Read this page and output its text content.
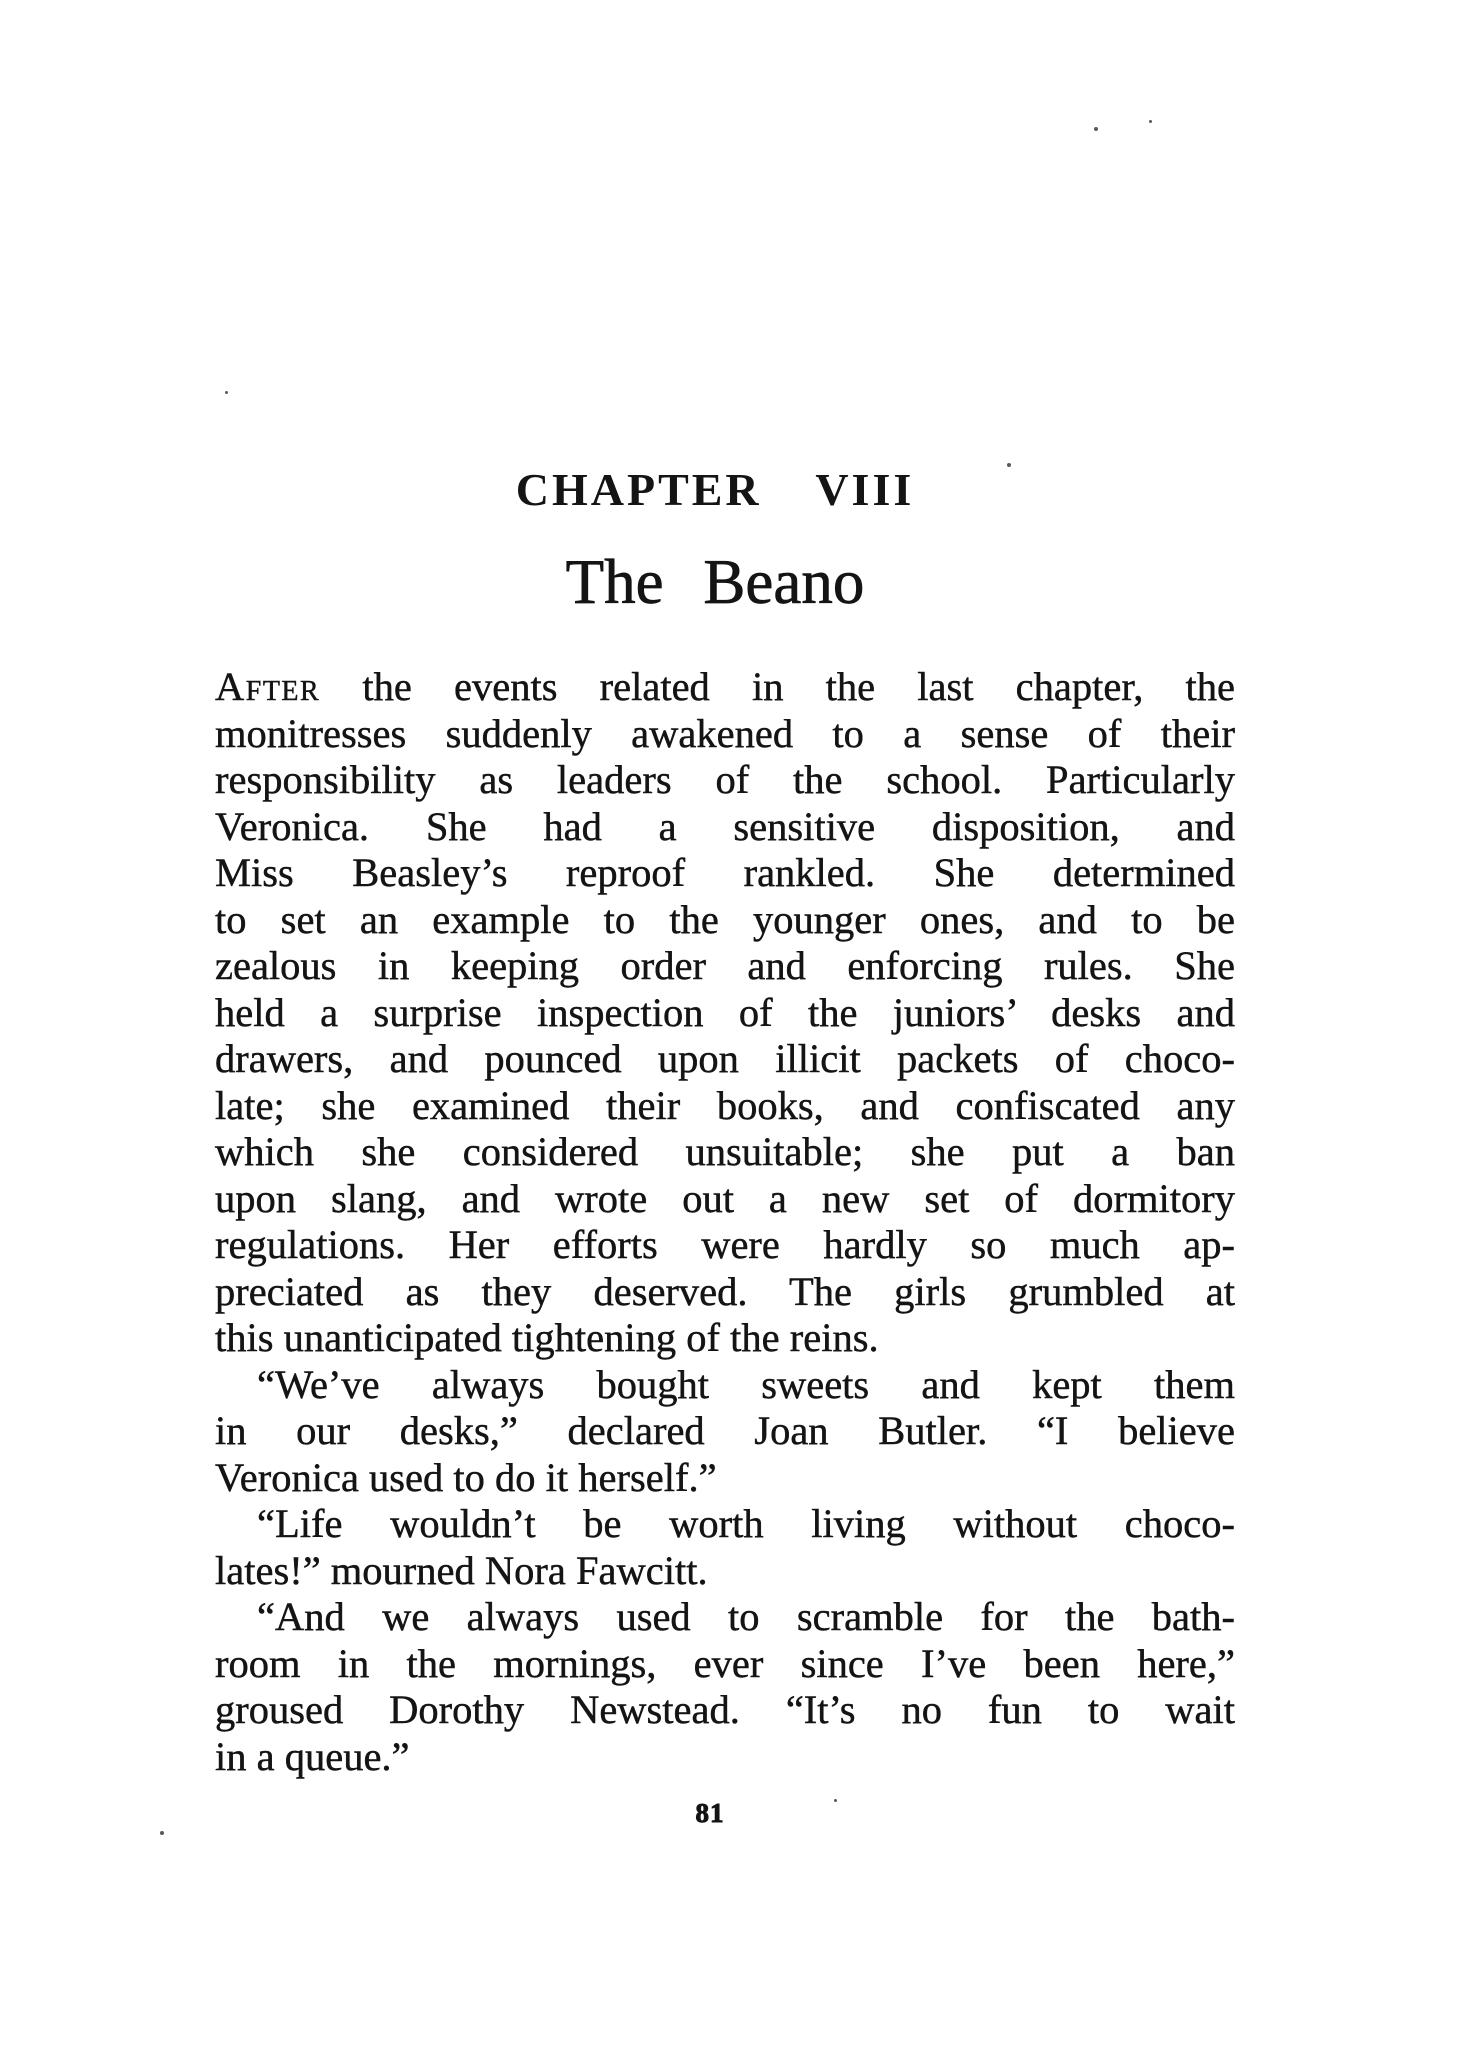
CHAPTER VIII
The Beano
After the events related in the last chapter, the
monitresses suddenly awakened to a sense of their
responsibility as leaders of the school. Particularly
Veronica. She had a sensitive disposition, and
Miss Beasley’s reproof rankled. She determined
to set an example to the younger ones, and to be
zealous in keeping order and enforcing rules. She
held a surprise inspection of the juniors’ desks and
drawers, and pounced upon illicit packets of choco-
late; she examined their books, and confiscated any
which she considered unsuitable; she put a ban
upon slang, and wrote out a new set of dormitory
regulations. Her efforts were hardly so much ap-
preciated as they deserved. The girls grumbled at
this unanticipated tightening of the reins.
“We’ve always bought sweets and kept them
in our desks,” declared Joan Butler. “I believe
Veronica used to do it herself.”
“Life wouldn’t be worth living without choco-
lates!” mourned Nora Fawcitt.
“And we always used to scramble for the bath-
room in the mornings, ever since I’ve been here,”
groused Dorothy Newstead. “It’s no fun to wait
in a queue.”
81
